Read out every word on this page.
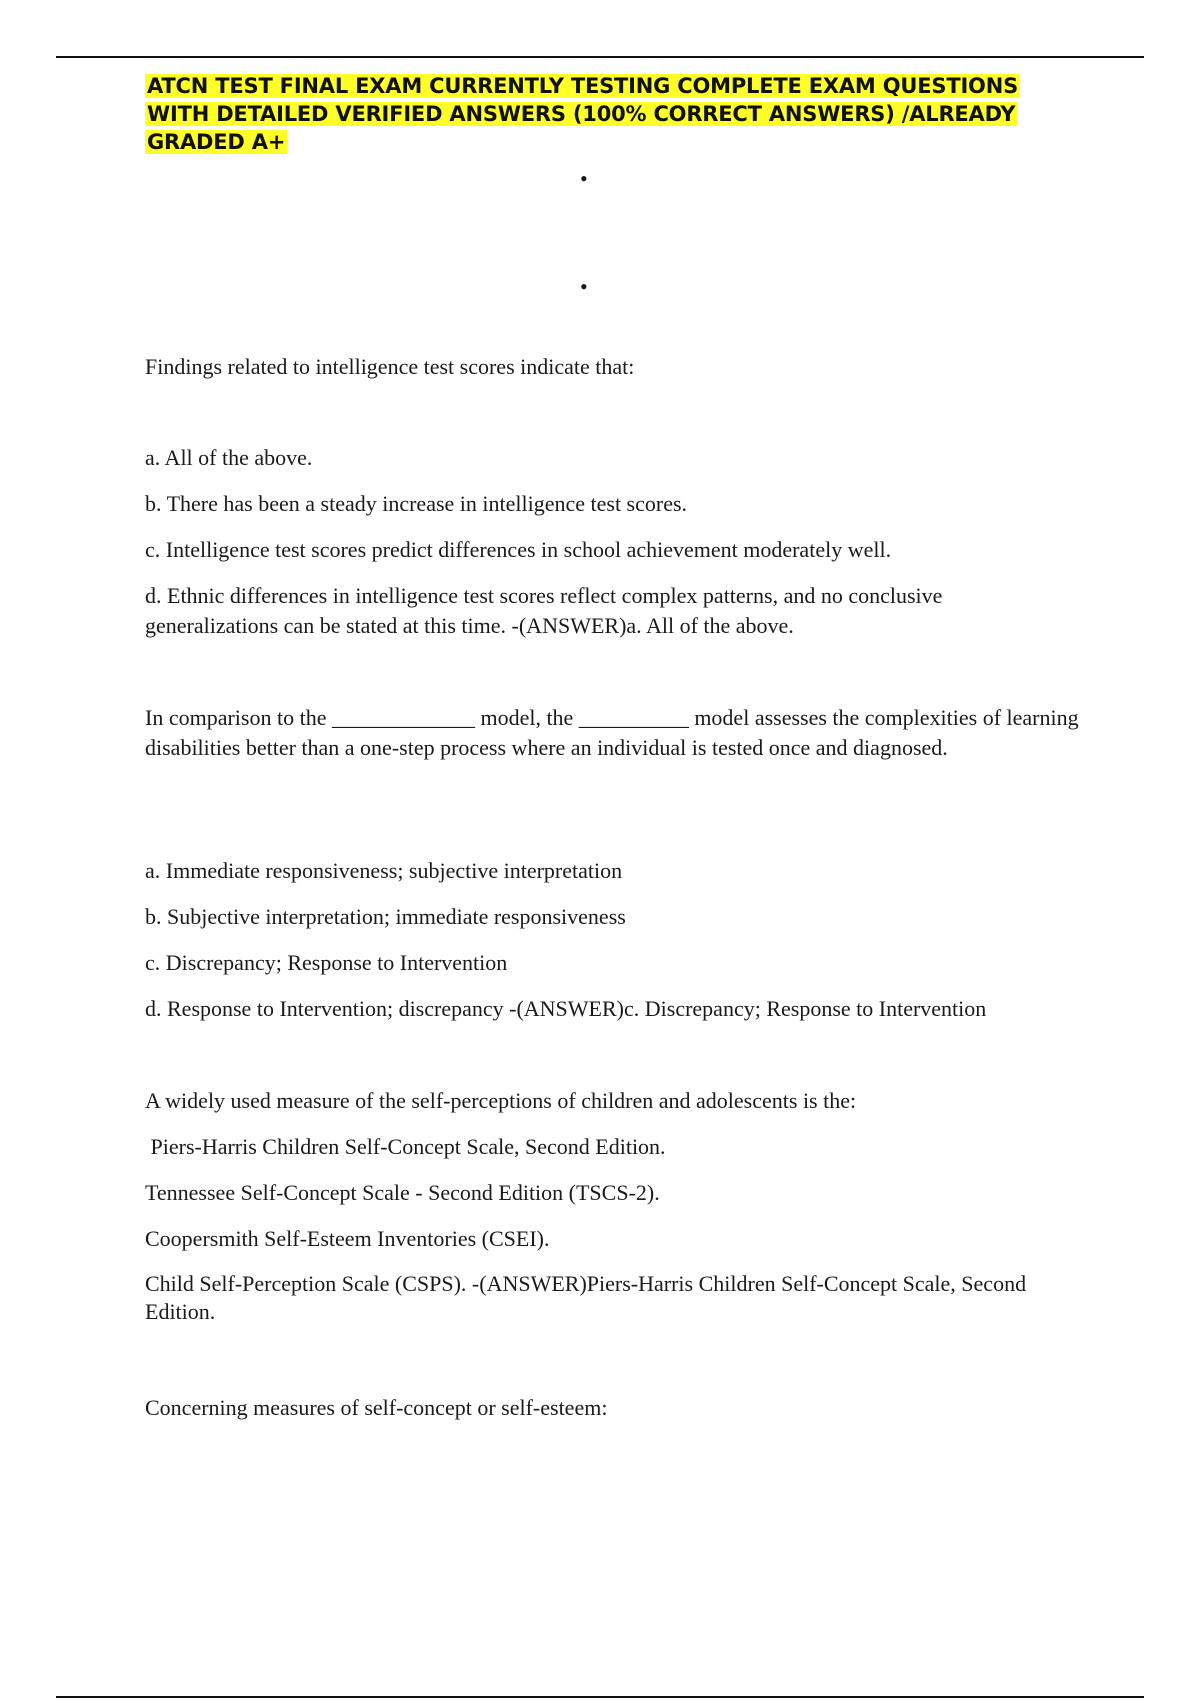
ATCN TEST FINAL EXAM CURRENTLY TESTING COMPLETE EXAM QUESTIONS WITH DETAILED VERIFIED ANSWERS (100% CORRECT ANSWERS) /ALREADY GRADED A+
•
•

Findings related to intelligence test scores indicate that:

a. All of the above.

b. There has been a steady increase in intelligence test scores.

c. Intelligence test scores predict differences in school achievement moderately well.

d. Ethnic differences in intelligence test scores reflect complex patterns, and no conclusive generalizations can be stated at this time. -(ANSWER)a. All of the above.

In comparison to the _____________ model, the __________ model assesses the complexities of learning disabilities better than a one-step process where an individual is tested once and diagnosed.

a. Immediate responsiveness; subjective interpretation

b. Subjective interpretation; immediate responsiveness

c. Discrepancy; Response to Intervention

d. Response to Intervention; discrepancy -(ANSWER)c. Discrepancy; Response to Intervention

A widely used measure of the self-perceptions of children and adolescents is the:

Piers-Harris Children Self-Concept Scale, Second Edition.

Tennessee Self-Concept Scale - Second Edition (TSCS-2).

Coopersmith Self-Esteem Inventories (CSEI).

Child Self-Perception Scale (CSPS). -(ANSWER)Piers-Harris Children Self-Concept Scale, Second Edition.

Concerning measures of self-concept or self-esteem:
